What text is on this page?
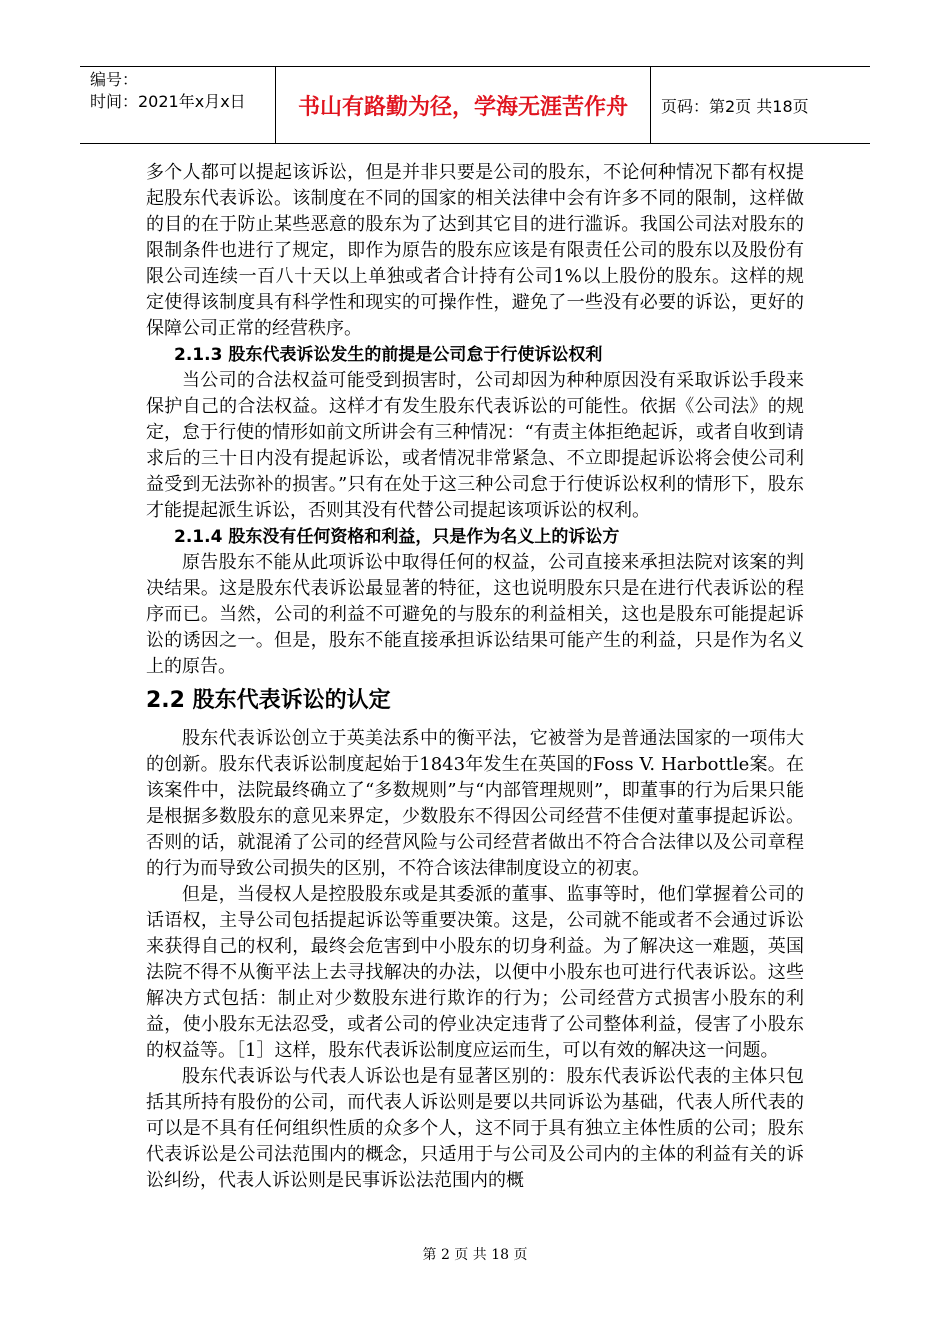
编号：
时间：2021年x月x日	书山有路勤为径，学海无涯苦作舟	页码：第2页 共18页

多个人都可以提起该诉讼，但是并非只要是公司的股东，不论何种情况下都有权提起股东代表诉讼。该制度在不同的国家的相关法律中会有许多不同的限制，这样做的目的在于防止某些恶意的股东为了达到其它目的进行滥诉。我国公司法对股东的限制条件也进行了规定，即作为原告的股东应该是有限责任公司的股东以及股份有限公司连续一百八十天以上单独或者合计持有公司1%以上股份的股东。这样的规定使得该制度具有科学性和现实的可操作性，避免了一些没有必要的诉讼，更好的保障公司正常的经营秩序。

2.1.3 股东代表诉讼发生的前提是公司怠于行使诉讼权利

当公司的合法权益可能受到损害时，公司却因为种种原因没有采取诉讼手段来保护自己的合法权益。这样才有发生股东代表诉讼的可能性。依据《公司法》的规定，怠于行使的情形如前文所讲会有三种情况：“有责主体拒绝起诉，或者自收到请求后的三十日内没有提起诉讼，或者情况非常紧急、不立即提起诉讼将会使公司利益受到无法弥补的损害。”只有在处于这三种公司怠于行使诉讼权利的情形下，股东才能提起派生诉讼，否则其没有代替公司提起该项诉讼的权利。

2.1.4 股东没有任何资格和利益，只是作为名义上的诉讼方

原告股东不能从此项诉讼中取得任何的权益，公司直接来承担法院对该案的判决结果。这是股东代表诉讼最显著的特征，这也说明股东只是在进行代表诉讼的程序而已。当然，公司的利益不可避免的与股东的利益相关，这也是股东可能提起诉讼的诱因之一。但是，股东不能直接承担诉讼结果可能产生的利益，只是作为名义上的原告。

2.2 股东代表诉讼的认定

股东代表诉讼创立于英美法系中的衡平法，它被誉为是普通法国家的一项伟大的创新。股东代表诉讼制度起始于1843年发生在英国的Foss V. Harbottle案。在该案件中，法院最终确立了“多数规则”与“内部管理规则”，即董事的行为后果只能是根据多数股东的意见来界定，少数股东不得因公司经营不佳便对董事提起诉讼。否则的话，就混淆了公司的经营风险与公司经营者做出不符合合法律以及公司章程的行为而导致公司损失的区别，不符合该法律制度设立的初衷。

但是，当侵权人是控股股东或是其委派的董事、监事等时，他们掌握着公司的话语权，主导公司包括提起诉讼等重要决策。这是，公司就不能或者不会通过诉讼来获得自己的权利，最终会危害到中小股东的切身利益。为了解决这一难题，英国法院不得不从衡平法上去寻找解决的办法，以便中小股东也可进行代表诉讼。这些解决方式包括：制止对少数股东进行欺诈的行为；公司经营方式损害小股东的利益，使小股东无法忍受，或者公司的停业决定违背了公司整体利益，侵害了小股东的权益等。［1］这样，股东代表诉讼制度应运而生，可以有效的解决这一问题。

股东代表诉讼与代表人诉讼也是有显著区别的：股东代表诉讼代表的主体只包括其所持有股份的公司，而代表人诉讼则是要以共同诉讼为基础，代表人所代表的可以是不具有任何组织性质的众多个人，这不同于具有独立主体性质的公司；股东代表诉讼是公司法范围内的概念，只适用于与公司及公司内的主体的利益有关的诉讼纠纷，代表人诉讼则是民事诉讼法范围内的概

第 2 页 共 18 页
